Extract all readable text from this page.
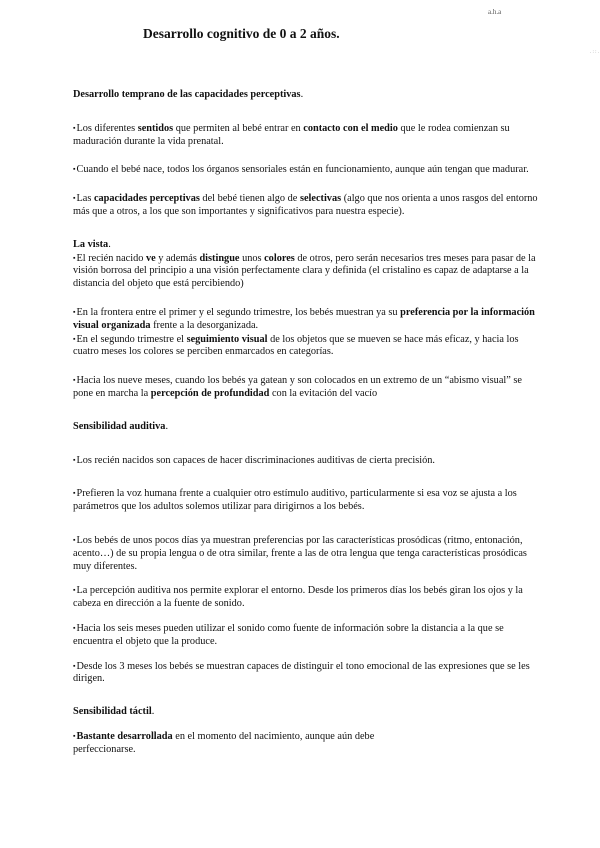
a.h.a
. : : .
Desarrollo cognitivo de 0 a 2 años.

Desarrollo temprano de las capacidades perceptivas.

▪ Los diferentes sentidos que permiten al bebé entrar en contacto con el medio que le rodea comienzan su maduración durante la vida prenatal.

▪ Cuando el bebé nace, todos los órganos sensoriales están en funcionamiento, aunque aún tengan que madurar.

▪ Las capacidades perceptivas del bebé tienen algo de selectivas (algo que nos orienta a unos rasgos del entorno más que a otros, a los que son importantes y significativos para nuestra especie).

La vista.

▪ El recién nacido ve y además distingue unos colores de otros, pero serán necesarios tres meses para pasar de la visión borrosa del principio a una visión perfectamente clara y definida (el cristalino es capaz de adaptarse a la distancia del objeto que está percibiendo)

▪ En la frontera entre el primer y el segundo trimestre, los bebés muestran ya su preferencia por la información visual organizada frente a la desorganizada.

▪ En el segundo trimestre el seguimiento visual de los objetos que se mueven se hace más eficaz, y hacia los cuatro meses los colores se perciben enmarcados en categorías.

▪ Hacia los nueve meses, cuando los bebés ya gatean y son colocados en un extremo de un “abismo visual” se pone en marcha la percepción de profundidad con la evitación del vacío

Sensibilidad auditiva.

▪ Los recién nacidos son capaces de hacer discriminaciones auditivas de cierta precisión.

▪ Prefieren la voz humana frente a cualquier otro estímulo auditivo, particularmente si esa voz se ajusta a los parámetros que los adultos solemos utilizar para dirigirnos a los bebés.

▪ Los bebés de unos pocos días ya muestran preferencias por las características prosódicas (ritmo, entonación, acento…) de su propia lengua o de otra similar, frente a las de otra lengua que tenga características prosódicas muy diferentes.

▪ La percepción auditiva nos permite explorar el entorno. Desde los primeros días los bebés giran los ojos y la cabeza en dirección a la fuente de sonido.

▪ Hacia los seis meses pueden utilizar el sonido como fuente de información sobre la distancia a la que se encuentra el objeto que la produce.

▪ Desde los 3 meses los bebés se muestran capaces de distinguir el tono emocional de las expresiones que se les dirigen.

Sensibilidad táctil.

▪ Bastante desarrollada en el momento del nacimiento, aunque aún debe perfeccionarse.
